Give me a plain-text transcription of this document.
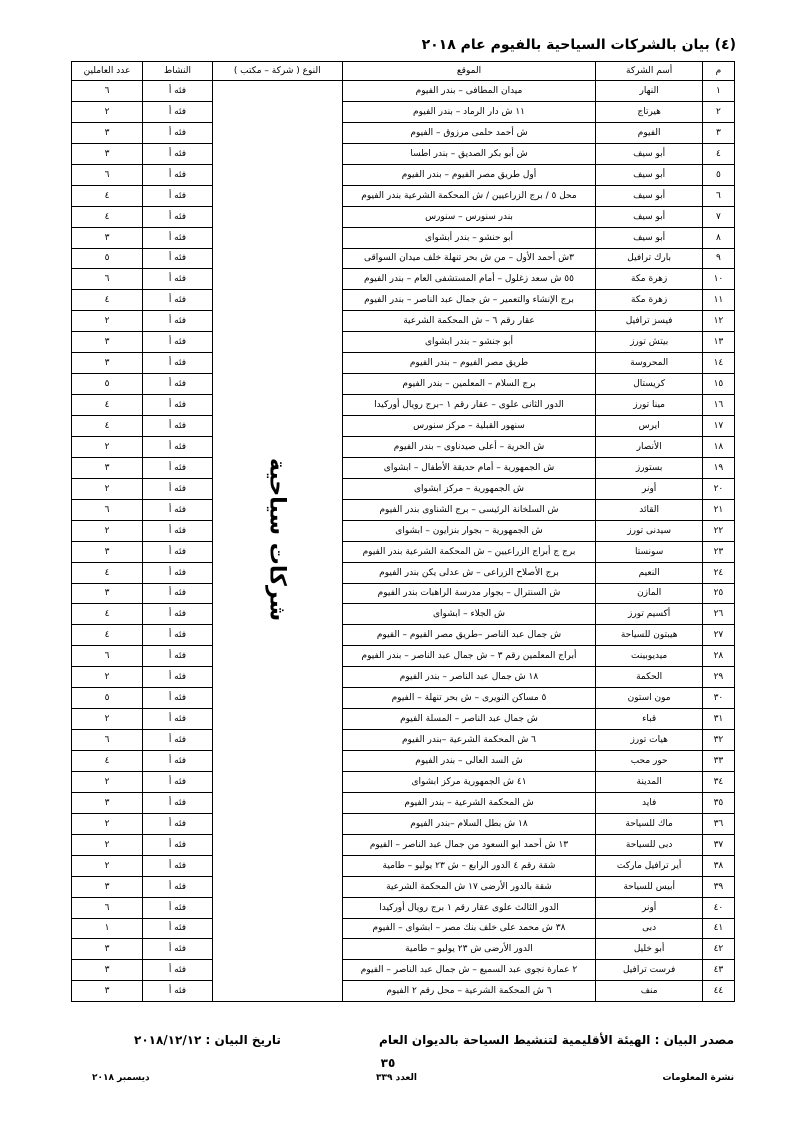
(٤) بيان بالشركات السياحية بالفيوم عام ٢٠١٨
م	أسم الشركة	الموقع	النوع ( شركة – مكتب )	النشاط	عدد العاملين
١	النهار	ميدان المطافى – بندر الفيوم	شركات سياحية	فئه أ	٦
٢	هيرتاج	١١ ش دار الرماد – بندر الفيوم		فئه أ	٢
٣	الفيوم	ش أحمد حلمى مرزوق – الفيوم		فئه أ	٣
٤	أبو سيف	ش أبو بكر الصديق – بندر اطسا		فئه أ	٣
٥	أبو سيف	أول طريق مصر الفيوم – بندر الفيوم		فئه أ	٦
٦	أبو سيف	محل ٥ / برج الزراعيين / ش المحكمة الشرعية بندر الفيوم		فئه أ	٤
٧	أبو سيف	بندر سنورس – سنورس		فئه أ	٤
٨	أبو سيف	أبو حنشو – بندر أبشواى		فئه أ	٣
٩	بارك ترافيل	٣ش أحمد الأول – من ش بحر تنهلة خلف ميدان السواقى		فئه أ	٥
١٠	زهرة مكة	٥٥ ش سعد زغلول – أمام المستشفى العام – بندر الفيوم		فئه أ	٦
١١	زهرة مكة	برج الإنشاء والتعمير – ش جمال عبد الناصر – بندر الفيوم		فئه أ	٤
١٢	فيسز ترافيل	عقار رقم ٦ – ش المحكمة الشرعية		فئه أ	٢
١٣	بيتش تورز	أبو جنشو – بندر ابشواى		فئه أ	٣
١٤	المحروسة	طريق مصر الفيوم – بندر الفيوم		فئه أ	٣
١٥	كريستال	برج السلام – المعلمين – بندر الفيوم		فئه أ	٥
١٦	مينا تورز	الدور الثانى علوى – عقار رقم ١ –برج رويال أوركيدا		فئه أ	٤
١٧	ايرس	سنهور القبلية – مركز سنورس		فئه أ	٤
١٨	الأنصار	ش الحرية – أعلى صيدناوى – بندر الفيوم		فئه أ	٢
١٩	بستورز	ش الجمهورية – أمام حديقة الأطفال – ابشواى		فئه أ	٣
٢٠	أونر	ش الجمهورية – مركز ابشواى		فئه أ	٢
٢١	القائد	ش السلخانة الرئيسى – برج الشناوى بندر الفيوم		فئه أ	٦
٢٢	سيدنى تورز	ش الجمهورية – بجوار بنزايون – ابشواى		فئه أ	٢
٢٣	سونستا	برج ج أبراج الزراعيين – ش المحكمة الشرعية بندر الفيوم		فئه أ	٣
٢٤	النعيم	برج الأصلاح الزراعى – ش عدلى يكن بندر الفيوم		فئه أ	٤
٢٥	المازن	ش السنترال – بجوار مدرسة الراهبات بندر الفيوم		فئه أ	٣
٢٦	أكسيم تورز	ش الجلاء – ابشواى		فئه أ	٤
٢٧	هيبتون للسياحة	ش جمال عبد الناصر –طريق مصر الفيوم – الفيوم		فئه أ	٤
٢٨	ميديوبينت	أبراج المعلمين رقم ٣ – ش جمال عبد الناصر – بندر الفيوم		فئه أ	٦
٢٩	الحكمة	١٨ ش جمال عبد الناصر – بندر الفيوم		فئه أ	٢
٣٠	مون استون	٥ مساكن النويرى – ش بحر تنهلة – الفيوم		فئه أ	٥
٣١	قباء	ش جمال عبد الناصر – المسلة الفيوم		فئه أ	٢
٣٢	هيات تورز	٦ ش المحكمة الشرعية –بندر الفيوم		فئه أ	٦
٣٣	حور محب	ش السد العالى – بندر الفيوم		فئه أ	٤
٣٤	المدينة	٤١ ش الجمهورية مركز ابشواى		فئه أ	٢
٣٥	فايد	ش المحكمة الشرعية – بندر الفيوم		فئه أ	٣
٣٦	ماك للسياحة	١٨ ش بطل السلام –بندر الفيوم		فئه أ	٢
٣٧	دبى للسياحة	١٣ ش أحمد ابو السعود من جمال عبد الناصر – الفيوم		فئه أ	٢
٣٨	أير ترافيل ماركت	شقة رقم ٤ الدور الرابع – ش ٢٣ يوليو – طامية		فئه أ	٢
٣٩	أبيس للسياحة	شقة بالدور الأرضى ١٧ ش المحكمة الشرعية		فئه أ	٣
٤٠	أونر	الدور الثالث علوى عقار رقم ١ برج رويال أوركيدا		فئه أ	٦
٤١	دبى	٣٨ ش محمد على خلف بنك مصر – ابشواى – الفيوم		فئه أ	١
٤٢	أبو خليل	الدور الأرضى ش ٢٣ يوليو – طامية		فئه أ	٣
٤٣	فرست ترافيل	٢ عمارة نجوى عبد السميع – ش جمال عبد الناصر – الفيوم		فئه أ	٣
٤٤	منف	٦ ش المحكمة الشرعية – محل رقم ٢ الفيوم		فئه أ	٣
مصدر البيان : الهيئة الأقليمية لتنشيط السياحة بالديوان العام
تاريخ البيان : ٢٠١٨/١٢/١٢
٣٥
نشرة المعلومات
العدد ٣٣٩
ديسمبر ٢٠١٨
